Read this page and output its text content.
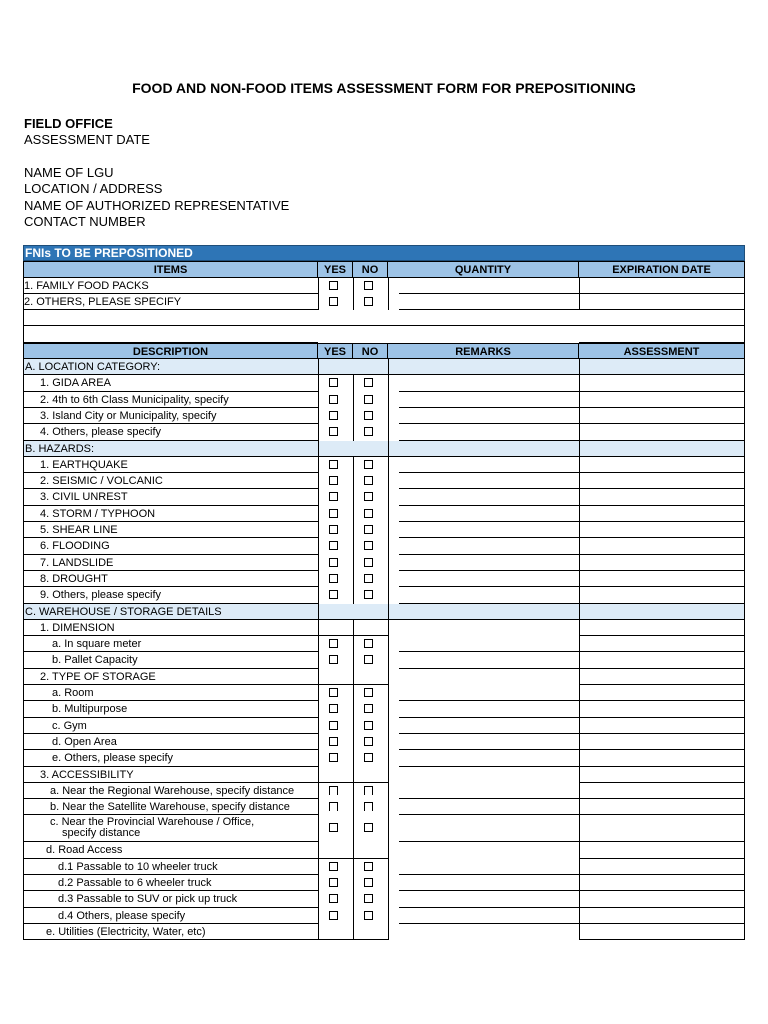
FOOD AND NON-FOOD ITEMS ASSESSMENT FORM FOR PREPOSITIONING
FIELD OFFICE
ASSESSMENT DATE
NAME OF LGU
LOCATION / ADDRESS
NAME OF AUTHORIZED REPRESENTATIVE
CONTACT NUMBER
FNIs TO BE PREPOSITIONED
ITEMS	YES	NO	QUANTITY	EXPIRATION DATE
1. FAMILY FOOD PACKS
2. OTHERS, PLEASE SPECIFY
DESCRIPTION	YES	NO	REMARKS	ASSESSMENT
A. LOCATION CATEGORY:
1. GIDA AREA
2. 4th to 6th Class Municipality, specify
3. Island City or Municipality, specify
4. Others, please specify
B. HAZARDS:
1. EARTHQUAKE
2. SEISMIC / VOLCANIC
3. CIVIL UNREST
4. STORM / TYPHOON
5. SHEAR LINE
6. FLOODING
7. LANDSLIDE
8. DROUGHT
9. Others, please specify
C. WAREHOUSE / STORAGE DETAILS
1. DIMENSION
a. In square meter
b. Pallet Capacity
2. TYPE OF STORAGE
a. Room
b. Multipurpose
c. Gym
d. Open Area
e. Others, please specify
3. ACCESSIBILITY
a. Near the Regional Warehouse, specify distance
b. Near the Satellite Warehouse, specify distance
c. Near the Provincial Warehouse / Office,
specify distance
d. Road Access
d.1 Passable to 10 wheeler truck
d.2 Passable to 6 wheeler truck
d.3 Passable to SUV or pick up truck
d.4 Others, please specify
e. Utilities (Electricity, Water, etc)
